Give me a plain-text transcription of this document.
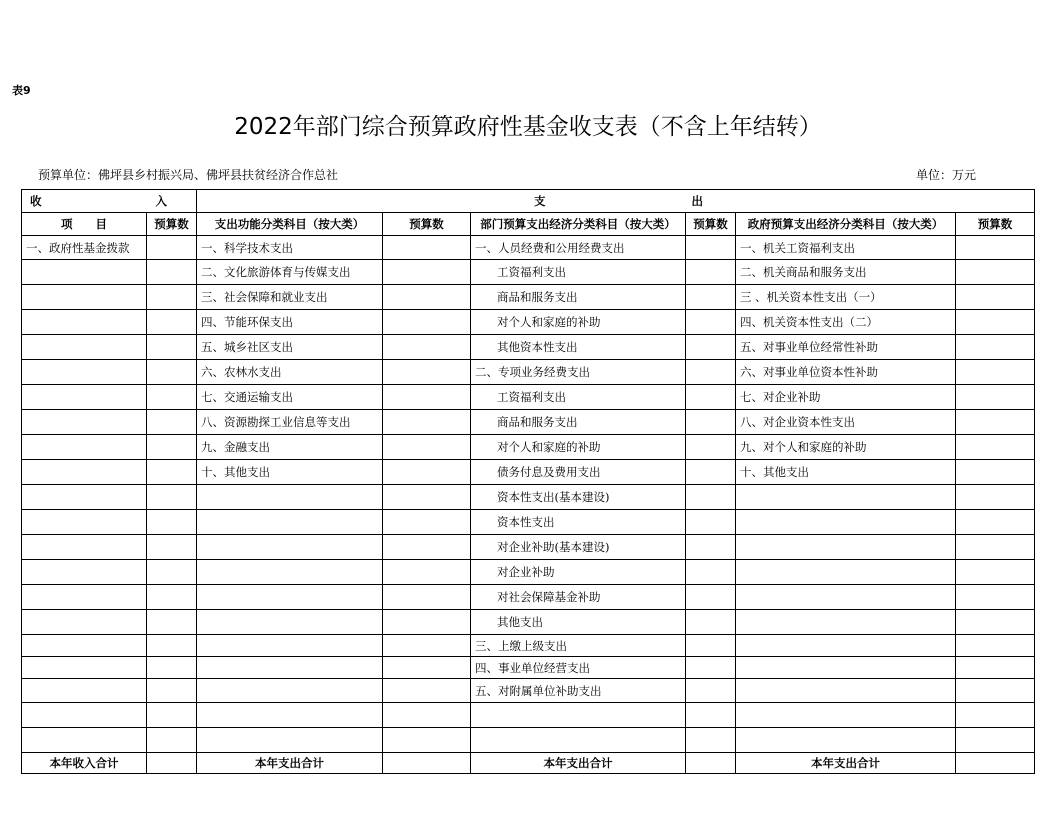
表9
2022年部门综合预算政府性基金收支表（不含上年结转）
预算单位：佛坪县乡村振兴局、佛坪县扶贫经济合作总社	单位：万元
收 入		支 出					
项　　目	预算数	支出功能分类科目（按大类）	预算数	部门预算支出经济分类科目（按大类）	预算数	政府预算支出经济分类科目（按大类）	预算数
一、政府性基金拨款		一、科学技术支出		一、人员经费和公用经费支出		一、机关工资福利支出	
		二、文化旅游体育与传媒支出		工资福利支出		二、机关商品和服务支出	
		三、社会保障和就业支出		商品和服务支出		三 、机关资本性支出（一）	
		四、节能环保支出		对个人和家庭的补助		四、机关资本性支出（二）	
		五、城乡社区支出		其他资本性支出		五、对事业单位经常性补助	
		六、农林水支出		二、专项业务经费支出		六、对事业单位资本性补助	
		七、交通运输支出		工资福利支出		七、对企业补助	
		八、资源勘探工业信息等支出		商品和服务支出		八、对企业资本性支出	
		九、金融支出		对个人和家庭的补助		九、对个人和家庭的补助	
		十、其他支出		债务付息及费用支出		十、其他支出	
				资本性支出(基本建设)			
				资本性支出			
				对企业补助(基本建设)			
				对企业补助			
				对社会保障基金补助			
				其他支出			
				三、上缴上级支出			
				四、事业单位经营支出			
				五、对附属单位补助支出			

本年收入合计		本年支出合计		本年支出合计		本年支出合计	
